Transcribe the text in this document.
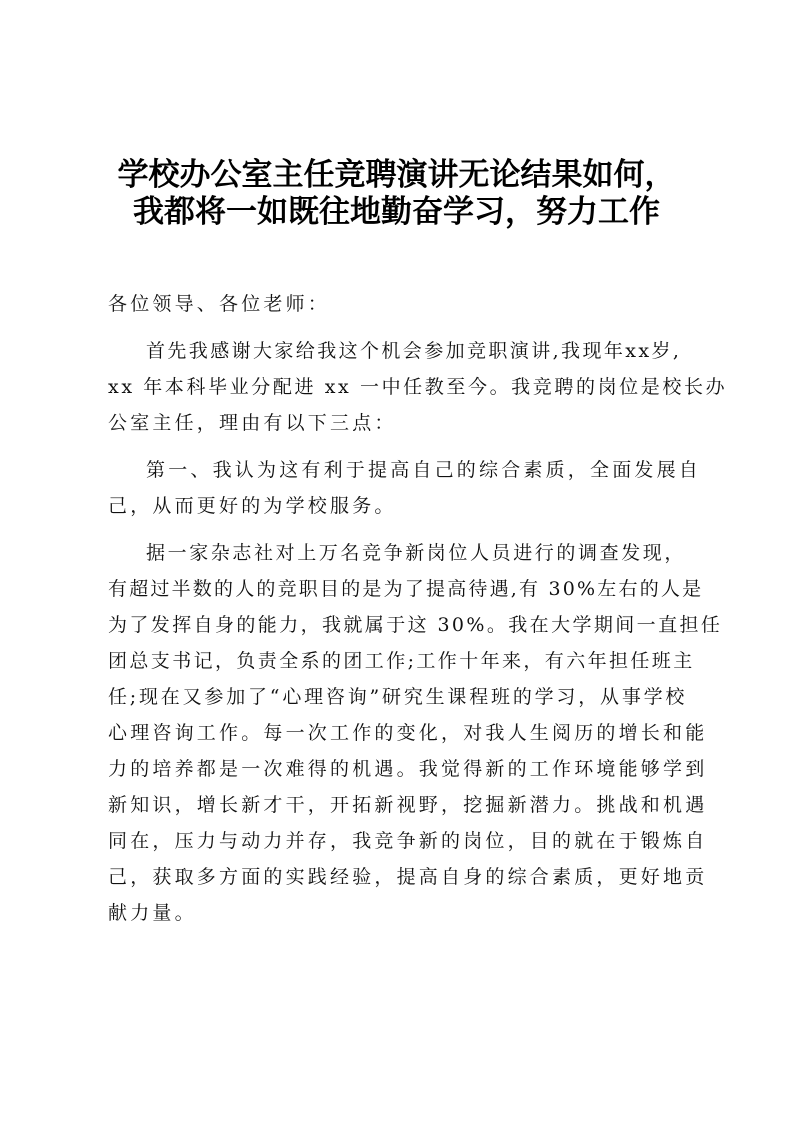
学校办公室主任竞聘演讲无论结果如何，
我都将一如既往地勤奋学习，努力工作
各位领导、各位老师：
首先我感谢大家给我这个机会参加竞职演讲,我现年xx岁,
xx 年本科毕业分配进 xx 一中任教至今。我竞聘的岗位是校长办
公室主任，理由有以下三点：
第一、我认为这有利于提高自己的综合素质，全面发展自
己，从而更好的为学校服务。
据一家杂志社对上万名竞争新岗位人员进行的调查发现，
有超过半数的人的竞职目的是为了提高待遇,有 30%左右的人是
为了发挥自身的能力，我就属于这 30%。我在大学期间一直担任
团总支书记，负责全系的团工作;工作十年来，有六年担任班主
任;现在又参加了“心理咨询”研究生课程班的学习，从事学校
心理咨询工作。每一次工作的变化，对我人生阅历的增长和能
力的培养都是一次难得的机遇。我觉得新的工作环境能够学到
新知识，增长新才干，开拓新视野，挖掘新潜力。挑战和机遇
同在，压力与动力并存，我竞争新的岗位，目的就在于锻炼自
己，获取多方面的实践经验，提高自身的综合素质，更好地贡
献力量。
